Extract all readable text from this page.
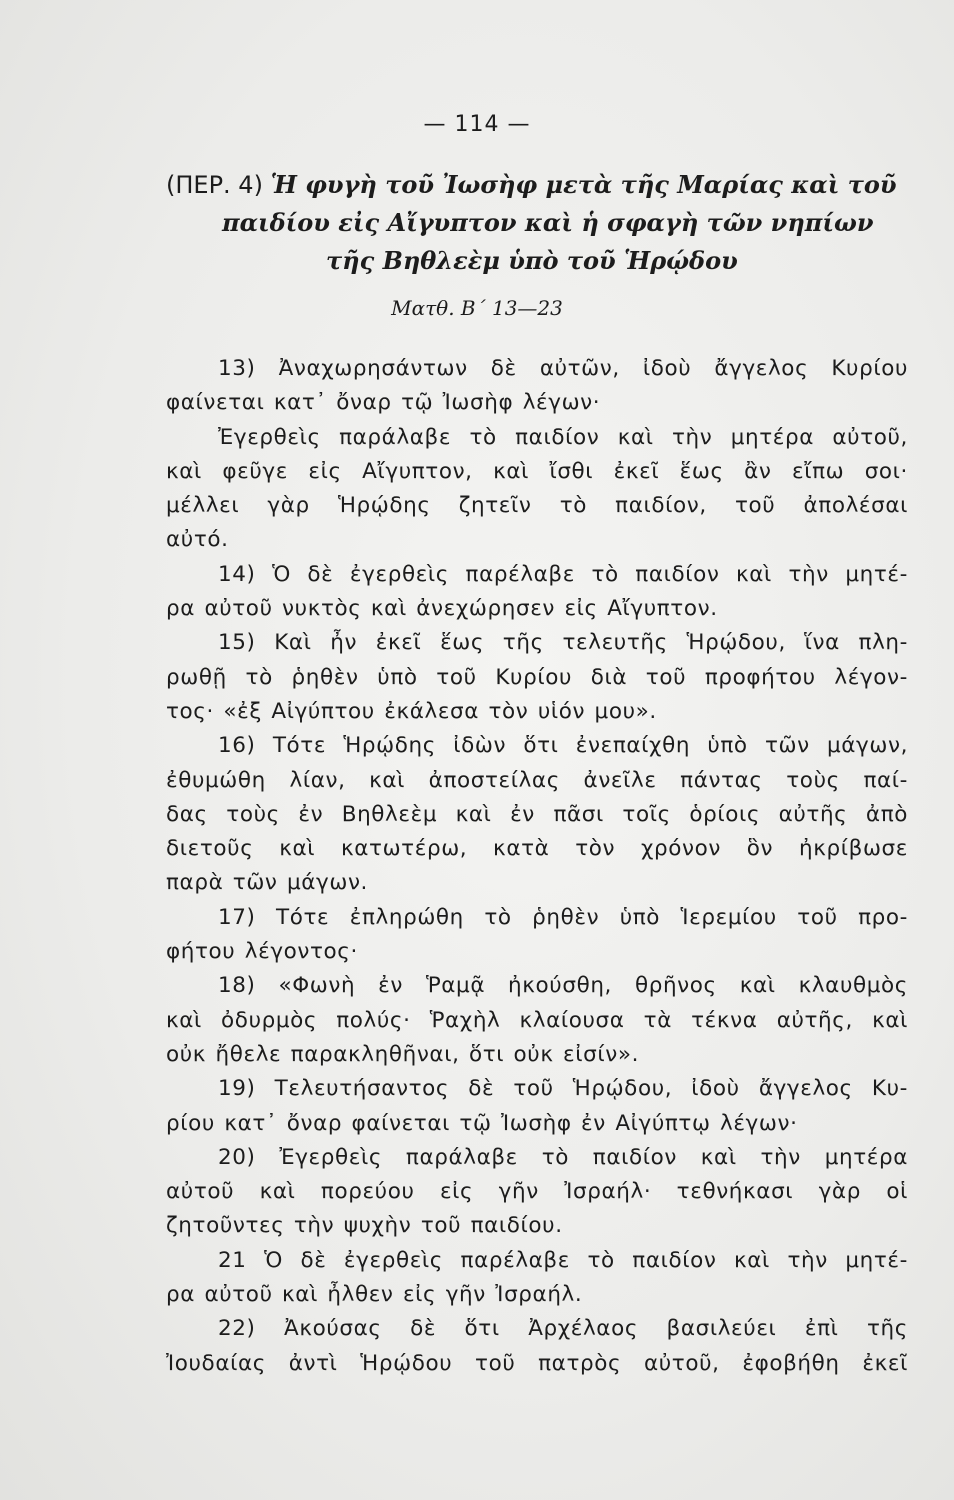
— 114 —
(ΠΕΡ. 4) Ἡ φυγὴ τοῦ Ἰωσὴφ μετὰ τῆς Μαρίας καὶ τοῦ
παιδίου εἰς Αἴγυπτον καὶ ἡ σφαγὴ τῶν νηπίων
τῆς Βηθλεὲμ ὑπὸ τοῦ Ἡρῴδου
Ματθ. Β΄ 13—23
13) Ἀναχωρησάντων δὲ αὐτῶν, ἰδοὺ ἄγγελος Κυρίου
φαίνεται κατ᾽ ὄναρ τῷ Ἰωσὴφ λέγων·
Ἐγερθεὶς παράλαβε τὸ παιδίον καὶ τὴν μητέρα αὐτοῦ,
καὶ φεῦγε εἰς Αἴγυπτον, καὶ ἴσθι ἐκεῖ ἕως ἂν εἴπω σοι·
μέλλει γὰρ Ἡρῴδης ζητεῖν τὸ παιδίον, τοῦ ἀπολέσαι
αὐτό.
14) Ὁ δὲ ἐγερθεὶς παρέλαβε τὸ παιδίον καὶ τὴν μητέ-
ρα αὐτοῦ νυκτὸς καὶ ἀνεχώρησεν εἰς Αἴγυπτον.
15) Καὶ ἦν ἐκεῖ ἕως τῆς τελευτῆς Ἡρῴδου, ἵνα πλη-
ρωθῇ τὸ ῥηθὲν ὑπὸ τοῦ Κυρίου διὰ τοῦ προφήτου λέγον-
τος· «ἐξ Αἰγύπτου ἐκάλεσα τὸν υἱόν μου».
16) Τότε Ἡρῴδης ἰδὼν ὅτι ἐνεπαίχθη ὑπὸ τῶν μάγων,
ἐθυμώθη λίαν, καὶ ἀποστείλας ἀνεῖλε πάντας τοὺς παί-
δας τοὺς ἐν Βηθλεὲμ καὶ ἐν πᾶσι τοῖς ὁρίοις αὐτῆς ἀπὸ
διετοῦς καὶ κατωτέρω, κατὰ τὸν χρόνον ὃν ἠκρίβωσε
παρὰ τῶν μάγων.
17) Τότε ἐπληρώθη τὸ ῥηθὲν ὑπὸ Ἱερεμίου τοῦ προ-
φήτου λέγοντος·
18) «Φωνὴ ἐν Ῥαμᾷ ἠκούσθη, θρῆνος καὶ κλαυθμὸς
καὶ ὀδυρμὸς πολύς· Ῥαχὴλ κλαίουσα τὰ τέκνα αὐτῆς, καὶ
οὐκ ἤθελε παρακληθῆναι, ὅτι οὐκ εἰσίν».
19) Τελευτήσαντος δὲ τοῦ Ἡρῴδου, ἰδοὺ ἄγγελος Κυ-
ρίου κατ᾽ ὄναρ φαίνεται τῷ Ἰωσὴφ ἐν Αἰγύπτῳ λέγων·
20) Ἐγερθεὶς παράλαβε τὸ παιδίον καὶ τὴν μητέρα
αὐτοῦ καὶ πορεύου εἰς γῆν Ἰσραήλ· τεθνήκασι γὰρ οἱ
ζητοῦντες τὴν ψυχὴν τοῦ παιδίου.
21 Ὁ δὲ ἐγερθεὶς παρέλαβε τὸ παιδίον καὶ τὴν μητέ-
ρα αὐτοῦ καὶ ἦλθεν εἰς γῆν Ἰσραήλ.
22) Ἀκούσας δὲ ὅτι Ἀρχέλαος βασιλεύει ἐπὶ τῆς
Ἰουδαίας ἀντὶ Ἡρῴδου τοῦ πατρὸς αὐτοῦ, ἐφοβήθη ἐκεῖ
